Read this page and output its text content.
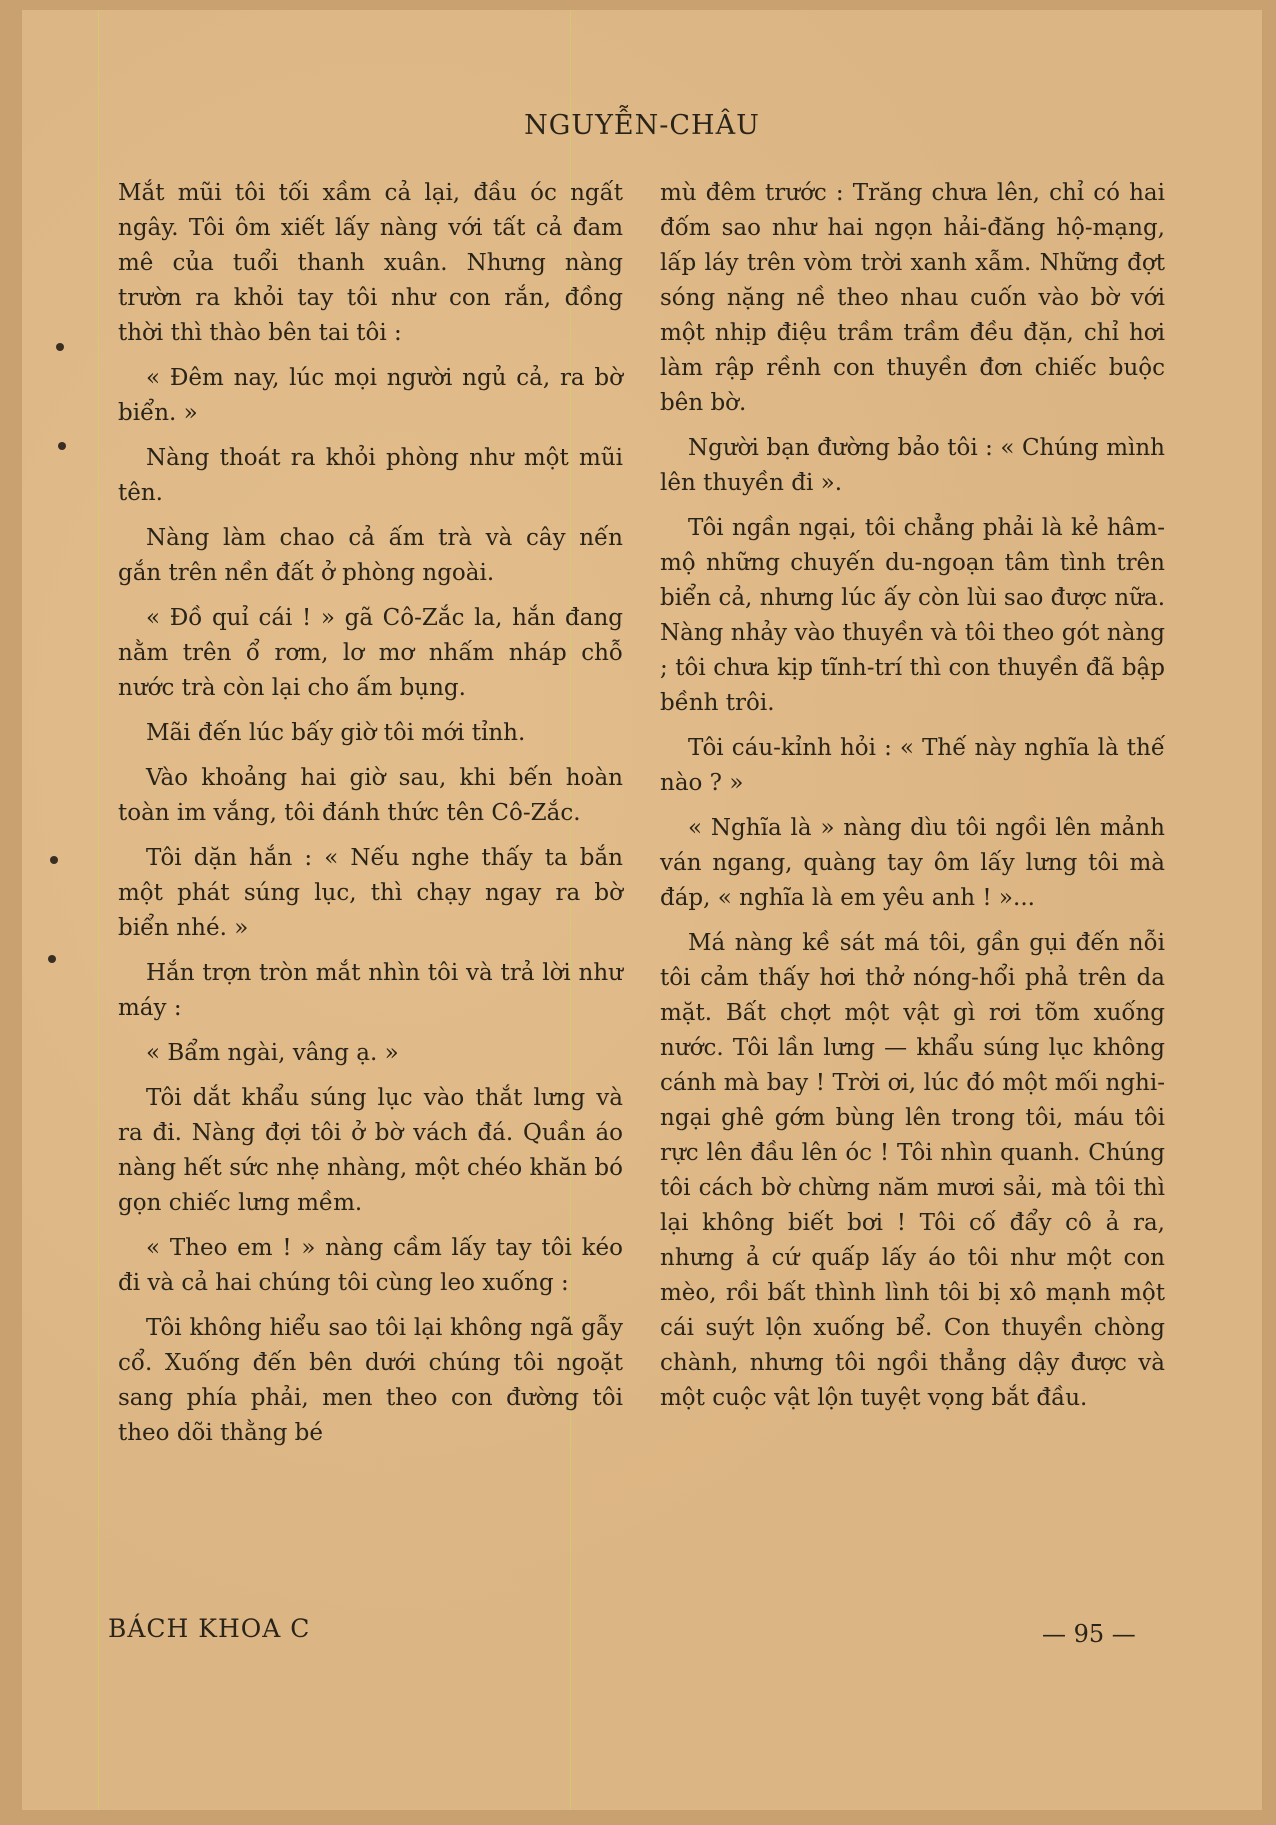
NGUYỄN-CHÂU

Mắt mũi tôi tối xầm cả lại, đầu óc ngất ngây. Tôi ôm xiết lấy nàng với tất cả đam mê của tuổi thanh xuân. Nhưng nàng trườn ra khỏi tay tôi như con rắn, đồng thời thì thào bên tai tôi :

« Đêm nay, lúc mọi người ngủ cả, ra bờ biển. »

Nàng thoát ra khỏi phòng như một mũi tên.

Nàng làm chao cả ấm trà và cây nến gắn trên nền đất ở phòng ngoài.

« Đồ quỉ cái ! » gã Cô-Zắc la, hắn đang nằm trên ổ rơm, lơ mơ nhấm nháp chỗ nước trà còn lại cho ấm bụng.

Mãi đến lúc bấy giờ tôi mới tỉnh.

Vào khoảng hai giờ sau, khi bến hoàn toàn im vắng, tôi đánh thức tên Cô-Zắc.

Tôi dặn hắn : « Nếu nghe thấy ta bắn một phát súng lục, thì chạy ngay ra bờ biển nhé. »

Hắn trợn tròn mắt nhìn tôi và trả lời như máy :

« Bẩm ngài, vâng ạ. »

Tôi dắt khẩu súng lục vào thắt lưng và ra đi. Nàng đợi tôi ở bờ vách đá. Quần áo nàng hết sức nhẹ nhàng, một chéo khăn bó gọn chiếc lưng mềm.

« Theo em ! » nàng cầm lấy tay tôi kéo đi và cả hai chúng tôi cùng leo xuống :

Tôi không hiểu sao tôi lại không ngã gẫy cổ. Xuống đến bên dưới chúng tôi ngoặt sang phía phải, men theo con đường tôi theo dõi thằng bé

mù đêm trước : Trăng chưa lên, chỉ có hai đốm sao như hai ngọn hải-đăng hộ-mạng, lấp láy trên vòm trời xanh xẫm. Những đợt sóng nặng nề theo nhau cuốn vào bờ với một nhịp điệu trầm trầm đều đặn, chỉ hơi làm rập rềnh con thuyền đơn chiếc buộc bên bờ.

Người bạn đường bảo tôi : « Chúng mình lên thuyền đi ».

Tôi ngần ngại, tôi chẳng phải là kẻ hâm-mộ những chuyến du-ngoạn tâm tình trên biển cả, nhưng lúc ấy còn lùi sao được nữa. Nàng nhảy vào thuyền và tôi theo gót nàng ; tôi chưa kịp tĩnh-trí thì con thuyền đã bập bềnh trôi.

Tôi cáu-kỉnh hỏi : « Thế này nghĩa là thế nào ? »

« Nghĩa là » nàng dìu tôi ngồi lên mảnh ván ngang, quàng tay ôm lấy lưng tôi mà đáp, « nghĩa là em yêu anh ! »...

Má nàng kề sát má tôi, gần gụi đến nỗi tôi cảm thấy hơi thở nóng-hổi phả trên da mặt. Bất chợt một vật gì rơi tõm xuống nước. Tôi lần lưng — khẩu súng lục không cánh mà bay ! Trời ơi, lúc đó một mối nghi-ngại ghê gớm bùng lên trong tôi, máu tôi rực lên đầu lên óc ! Tôi nhìn quanh. Chúng tôi cách bờ chừng năm mươi sải, mà tôi thì lại không biết bơi ! Tôi cố đẩy cô ả ra, nhưng ả cứ quấp lấy áo tôi như một con mèo, rồi bất thình lình tôi bị xô mạnh một cái suýt lộn xuống bể. Con thuyền chòng chành, nhưng tôi ngồi thẳng dậy được và một cuộc vật lộn tuyệt vọng bắt đầu.

BÁCH KHOA C	— 95 —
